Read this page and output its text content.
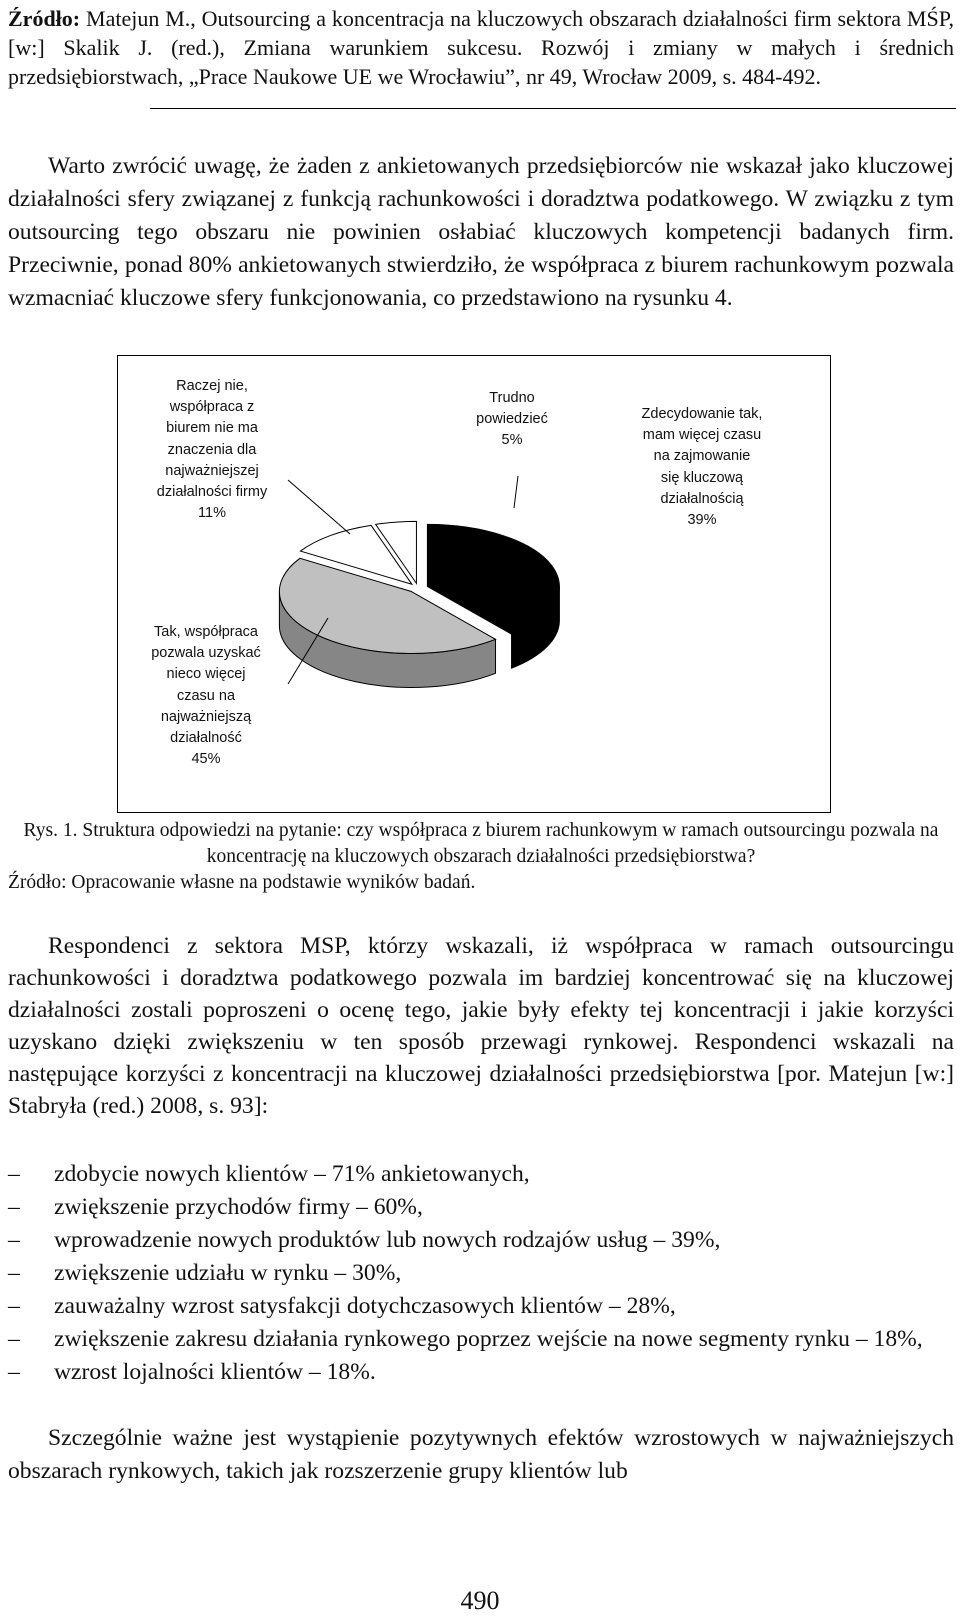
Źródło: Matejun M., Outsourcing a koncentracja na kluczowych obszarach działalności firm sektora MŚP, [w:] Skalik J. (red.), Zmiana warunkiem sukcesu. Rozwój i zmiany w małych i średnich przedsiębiorstwach, „Prace Naukowe UE we Wrocławiu”, nr 49, Wrocław 2009, s. 484-492.
Warto zwrócić uwagę, że żaden z ankietowanych przedsiębiorców nie wskazał jako kluczowej działalności sfery związanej z funkcją rachunkowości i doradztwa podatkowego. W związku z tym outsourcing tego obszaru nie powinien osłabiać kluczowych kompetencji badanych firm. Przeciwnie, ponad 80% ankietowanych stwierdziło, że współpraca z biurem rachunkowym pozwala wzmacniać kluczowe sfery funkcjonowania, co przedstawiono na rysunku 4.
Raczej nie,
współpraca z
biurem nie ma
znaczenia dla
najważniejszej
działalności firmy
11%
Trudno
powiedzieć
5%
Zdecydowanie tak,
mam więcej czasu
na zajmowanie
się kluczową
działalnością
39%
Tak, współpraca
pozwala uzyskać
nieco więcej
czasu na
najważniejszą
działalność
45%
Rys. 1. Struktura odpowiedzi na pytanie: czy współpraca z biurem rachunkowym w ramach outsourcingu pozwala na koncentrację na kluczowych obszarach działalności przedsiębiorstwa?
Źródło: Opracowanie własne na podstawie wyników badań.
Respondenci z sektora MSP, którzy wskazali, iż współpraca w ramach outsourcingu rachunkowości i doradztwa podatkowego pozwala im bardziej koncentrować się na kluczowej działalności zostali poproszeni o ocenę tego, jakie były efekty tej koncentracji i jakie korzyści uzyskano dzięki zwiększeniu w ten sposób przewagi rynkowej. Respondenci wskazali na następujące korzyści z koncentracji na kluczowej działalności przedsiębiorstwa [por. Matejun [w:] Stabryła (red.) 2008, s. 93]:
– zdobycie nowych klientów – 71% ankietowanych,
– zwiększenie przychodów firmy – 60%,
– wprowadzenie nowych produktów lub nowych rodzajów usług – 39%,
– zwiększenie udziału w rynku – 30%,
– zauważalny wzrost satysfakcji dotychczasowych klientów – 28%,
– zwiększenie zakresu działania rynkowego poprzez wejście na nowe segmenty rynku – 18%,
– wzrost lojalności klientów – 18%.
Szczególnie ważne jest wystąpienie pozytywnych efektów wzrostowych w najważniejszych obszarach rynkowych, takich jak rozszerzenie grupy klientów lub
490
